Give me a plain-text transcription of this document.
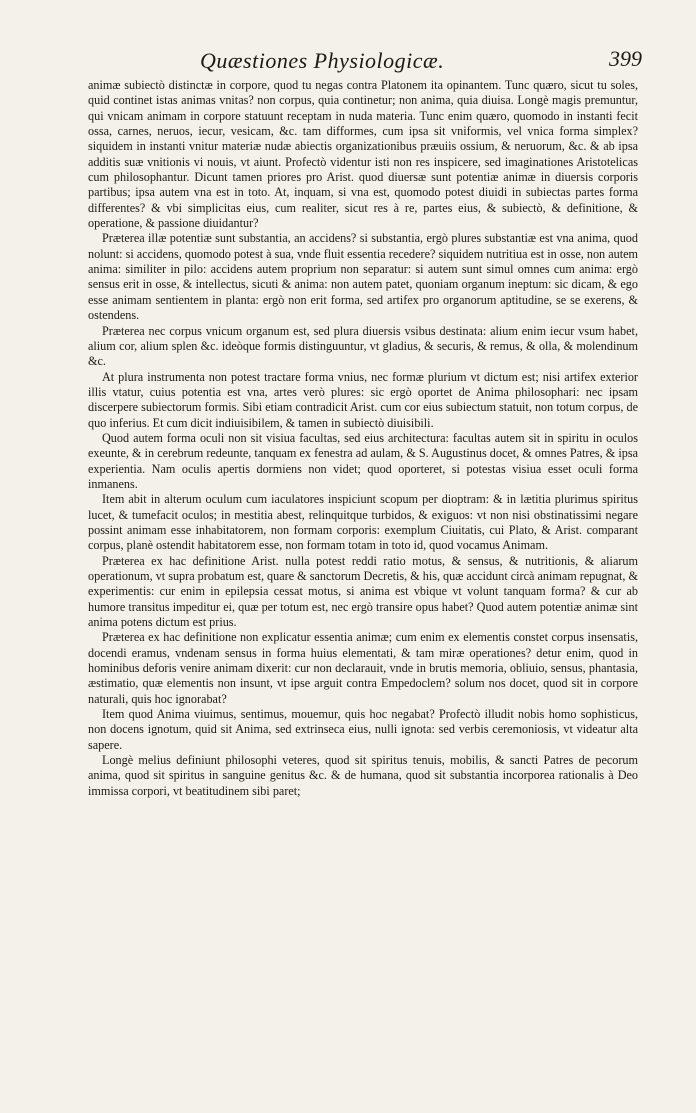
Quæstiones Physiologicæ.	399

animæ subiectò distinctæ in corpore, quod tu negas contra Platonem ita opinantem. Tunc quæro, sicut tu soles, quid continet istas animas vnitas? non corpus, quia continetur; non anima, quia diuisa. Longè magis premuntur, qui vnicam animam in corpore statuunt receptam in nuda materia. Tunc enim quæro, quomodo in instanti fecit ossa, carnes, neruos, iecur, vesicam, &c. tam difformes, cum ipsa sit vniformis, vel vnica forma simplex? siquidem in instanti vnitur materiæ nudæ abiectis organizationibus præuiis ossium, & neruorum, &c. & ab ipsa additis suæ vnitionis vi nouis, vt aiunt. Profectò videntur isti non res inspicere, sed imaginationes Aristotelicas cum philosophantur. Dicunt tamen priores pro Arist. quod diuersæ sunt potentiæ animæ in diuersis corporis partibus; ipsa autem vna est in toto. At, inquam, si vna est, quomodo potest diuidi in subiectas partes forma differentes? & vbi simplicitas eius, cum realiter, sicut res à re, partes eius, & subiectò, & definitione, & operatione, & passione diuidantur?

Præterea illæ potentiæ sunt substantia, an accidens? si substantia, ergò plures substantiæ est vna anima, quod nolunt: si accidens, quomodo potest à sua, vnde fluit essentia recedere? siquidem nutritiua est in osse, non autem anima: similiter in pilo: accidens autem proprium non separatur: si autem sunt simul omnes cum anima: ergò sensus erit in osse, & intellectus, sicuti & anima: non autem patet, quoniam organum ineptum: sic dicam, & ego esse animam sentientem in planta: ergò non erit forma, sed artifex pro organorum aptitudine, se se exerens, & ostendens.

Præterea nec corpus vnicum organum est, sed plura diuersis vsibus destinata: alium enim iecur vsum habet, alium cor, alium splen &c. ideòque formis distinguuntur, vt gladius, & securis, & remus, & olla, & molendinum &c.

At plura instrumenta non potest tractare forma vnius, nec formæ plurium vt dictum est; nisi artifex exterior illis vtatur, cuius potentia est vna, artes verò plures: sic ergò oportet de Anima philosophari: nec ipsam discerpere subiectorum formis. Sibi etiam contradicit Arist. cum cor eius subiectum statuit, non totum corpus, de quo inferius. Et cum dicit indiuisibilem, & tamen in subiectò diuisibili.

Quod autem forma oculi non sit visiua facultas, sed eius architectura: facultas autem sit in spiritu in oculos exeunte, & in cerebrum redeunte, tanquam ex fenestra ad aulam, & S. Augustinus docet, & omnes Patres, & ipsa experientia. Nam oculis apertis dormiens non videt; quod oporteret, si potestas visiua esset oculi forma inmanens.

Item abit in alterum oculum cum iaculatores inspiciunt scopum per dioptram: & in lætitia plurimus spiritus lucet, & tumefacit oculos; in mestitia abest, relinquitque turbidos, & exiguos: vt non nisi obstinatissimi negare possint animam esse inhabitatorem, non formam corporis: exemplum Ciuitatis, cui Plato, & Arist. comparant corpus, planè ostendit habitatorem esse, non formam totam in toto id, quod vocamus Animam.

Præterea ex hac definitione Arist. nulla potest reddi ratio motus, & sensus, & nutritionis, & aliarum operationum, vt supra probatum est, quare & sanctorum Decretis, & his, quæ accidunt circà animam repugnat, & experimentis: cur enim in epilepsia cessat motus, si anima est vbique vt volunt tanquam forma? & cur ab humore transitus impeditur ei, quæ per totum est, nec ergò transire opus habet? Quod autem potentiæ animæ sint anima potens dictum est prius.

Præterea ex hac definitione non explicatur essentia animæ; cum enim ex elementis constet corpus insensatis, docendi eramus, vndenam sensus in forma huius elementati, & tam miræ operationes? detur enim, quod in hominibus deforis venire animam dixerit: cur non declarauit, vnde in brutis memoria, obliuio, sensus, phantasia, æstimatio, quæ elementis non insunt, vt ipse arguit contra Empedoclem? solum nos docet, quod sit in corpore naturali, quis hoc ignorabat?

Item quod Anima viuimus, sentimus, mouemur, quis hoc negabat? Profectò illudit nobis homo sophisticus, non docens ignotum, quid sit Anima, sed extrinseca eius, nulli ignota: sed verbis ceremoniosis, vt videatur alta sapere.

Longè melius definiunt philosophi veteres, quod sit spiritus tenuis, mobilis, & sancti Patres de pecorum anima, quod sit spiritus in sanguine genitus &c. & de humana, quod sit substantia incorporea rationalis à Deo immissa corpori, vt beatitudinem sibi paret;
